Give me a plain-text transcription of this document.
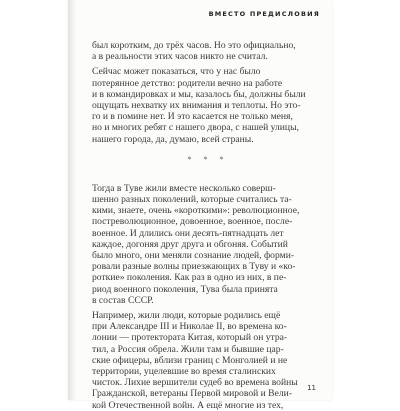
ВМЕСТО ПРЕДИСЛОВИЯ
был коротким, до трёх часов. Но это официально,
а в реальности этих часов никто не считал.
Сейчас может показаться, что у нас было
потерянное детство: родители вечно на работе
и в командировках и мы, казалось бы, должны были
ощущать нехватку их внимания и теплоты. Но это-
го и в помине нет. И это касается не только меня,
но и многих ребят с нашего двора, с нашей улицы,
нашего города, да, думаю, всей страны.
* * *
Тогда в Туве жили вместе несколько соверш-
шенно разных поколений, которые считались та-
кими, знаете, очень «короткими»: революционное,
постреволюционное, довоенное, военное, после-
военное. И длились они десять-пятнадцать лет
каждое, догоняя друг друга и обгоняя. Событий
было много, они меняли сознание людей, форми-
ровали разные волны приезжающих в Туву и «ко-
роткие» поколения. Как раз в одно из них, в пе-
риод военного поколения, Тува была принята
в состав СССР.
Например, жили люди, которые родились ещё
при Александре III и Николае II, во времена ко-
лонии — протектората Китая, который он утра-
тил, а Россия обрела. Жили там и бывшие цар-
ские офицеры, вблизи границ с Монголией и не
территории, уцелевшие во время сталинских
чисток. Лихие вершители судеб во времена войны
Гражданской, ветераны Первой мировой и Вели-
кой Отечественной войн. А ещё многие из тех,
11
